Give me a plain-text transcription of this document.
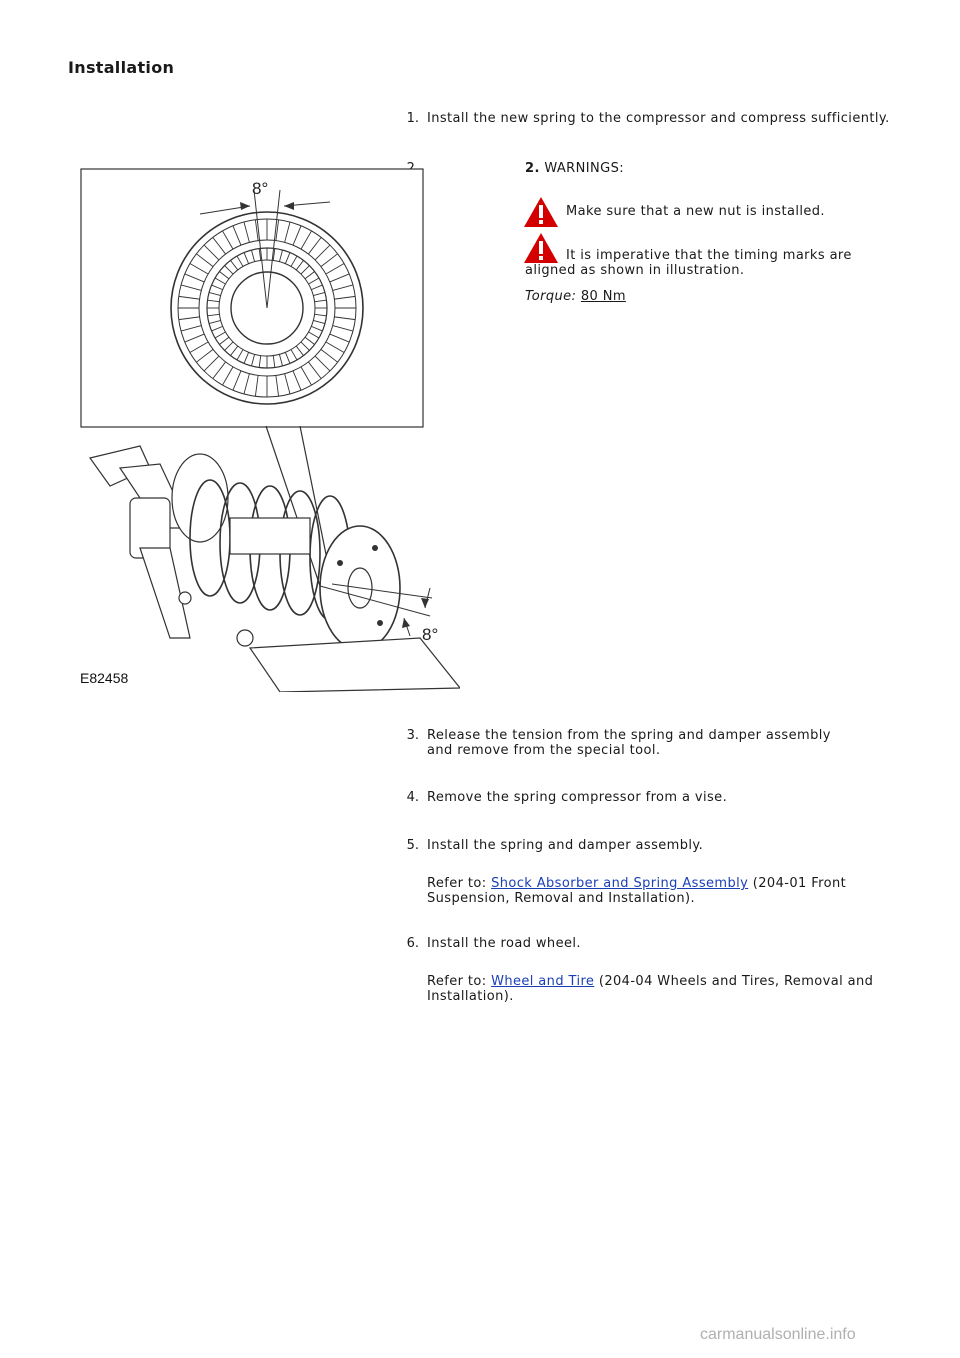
Installation
1. Install the new spring to the compressor and compress sufficiently.
2. WARNINGS:
Make sure that a new nut is installed.
It is imperative that the timing marks are aligned as shown in illustration.
Torque: 80 Nm
8°
8°
E82458
3. Release the tension from the spring and damper assembly and remove from the special tool.
4. Remove the spring compressor from a vise.
5. Install the spring and damper assembly.
Refer to: Shock Absorber and Spring Assembly (204-01 Front Suspension, Removal and Installation).
6. Install the road wheel.
Refer to: Wheel and Tire (204-04 Wheels and Tires, Removal and Installation).
carmanualsonline.info
